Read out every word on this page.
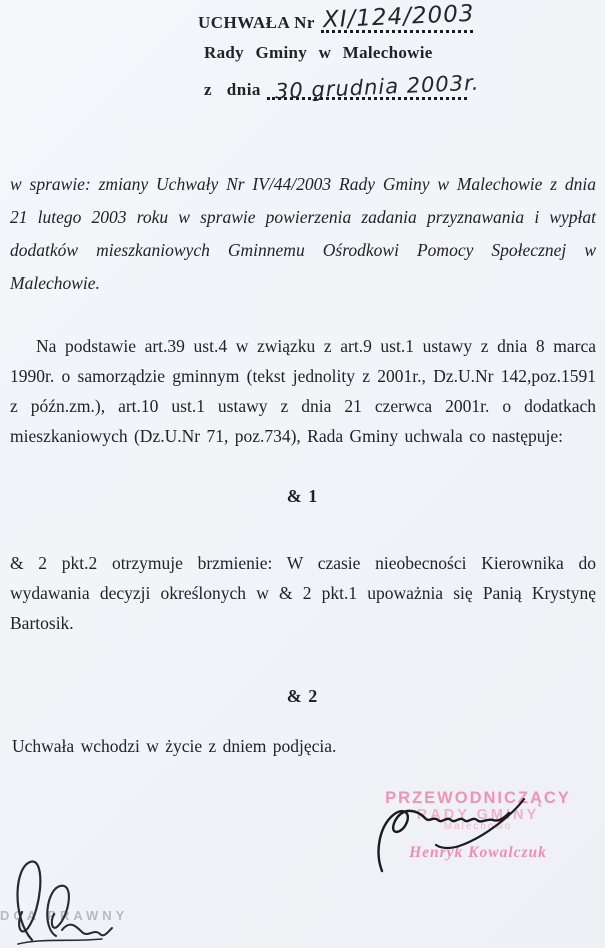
UCHWAŁA Nr XI/124/2003
Rady Gminy w Malechowie
z dnia 30 grudnia 2003r.
w sprawie: zmiany Uchwały Nr IV/44/2003 Rady Gminy w Malechowie z dnia 21 lutego 2003 roku w sprawie powierzenia zadania przyznawania i wypłat dodatków mieszkaniowych Gminnemu Ośrodkowi Pomocy Społecznej w Malechowie.
Na podstawie art.39 ust.4 w związku z art.9 ust.1 ustawy z dnia 8 marca 1990r. o samorządzie gminnym (tekst jednolity z 2001r., Dz.U.Nr 142,poz.1591 z późn.zm.), art.10 ust.1 ustawy z dnia 21 czerwca 2001r. o dodatkach mieszkaniowych (Dz.U.Nr 71, poz.734), Rada Gminy uchwala co następuje:
& 1
& 2 pkt.2 otrzymuje brzmienie: W czasie nieobecności Kierownika do wydawania decyzji określonych w & 2 pkt.1 upoważnia się Panią Krystynę Bartosik.
& 2
Uchwała wchodzi w życie z dniem podjęcia.
PRZEWODNICZĄCY
RADY GMINY
Malechowo
Henryk Kowalczuk
DCA PRAWNY
